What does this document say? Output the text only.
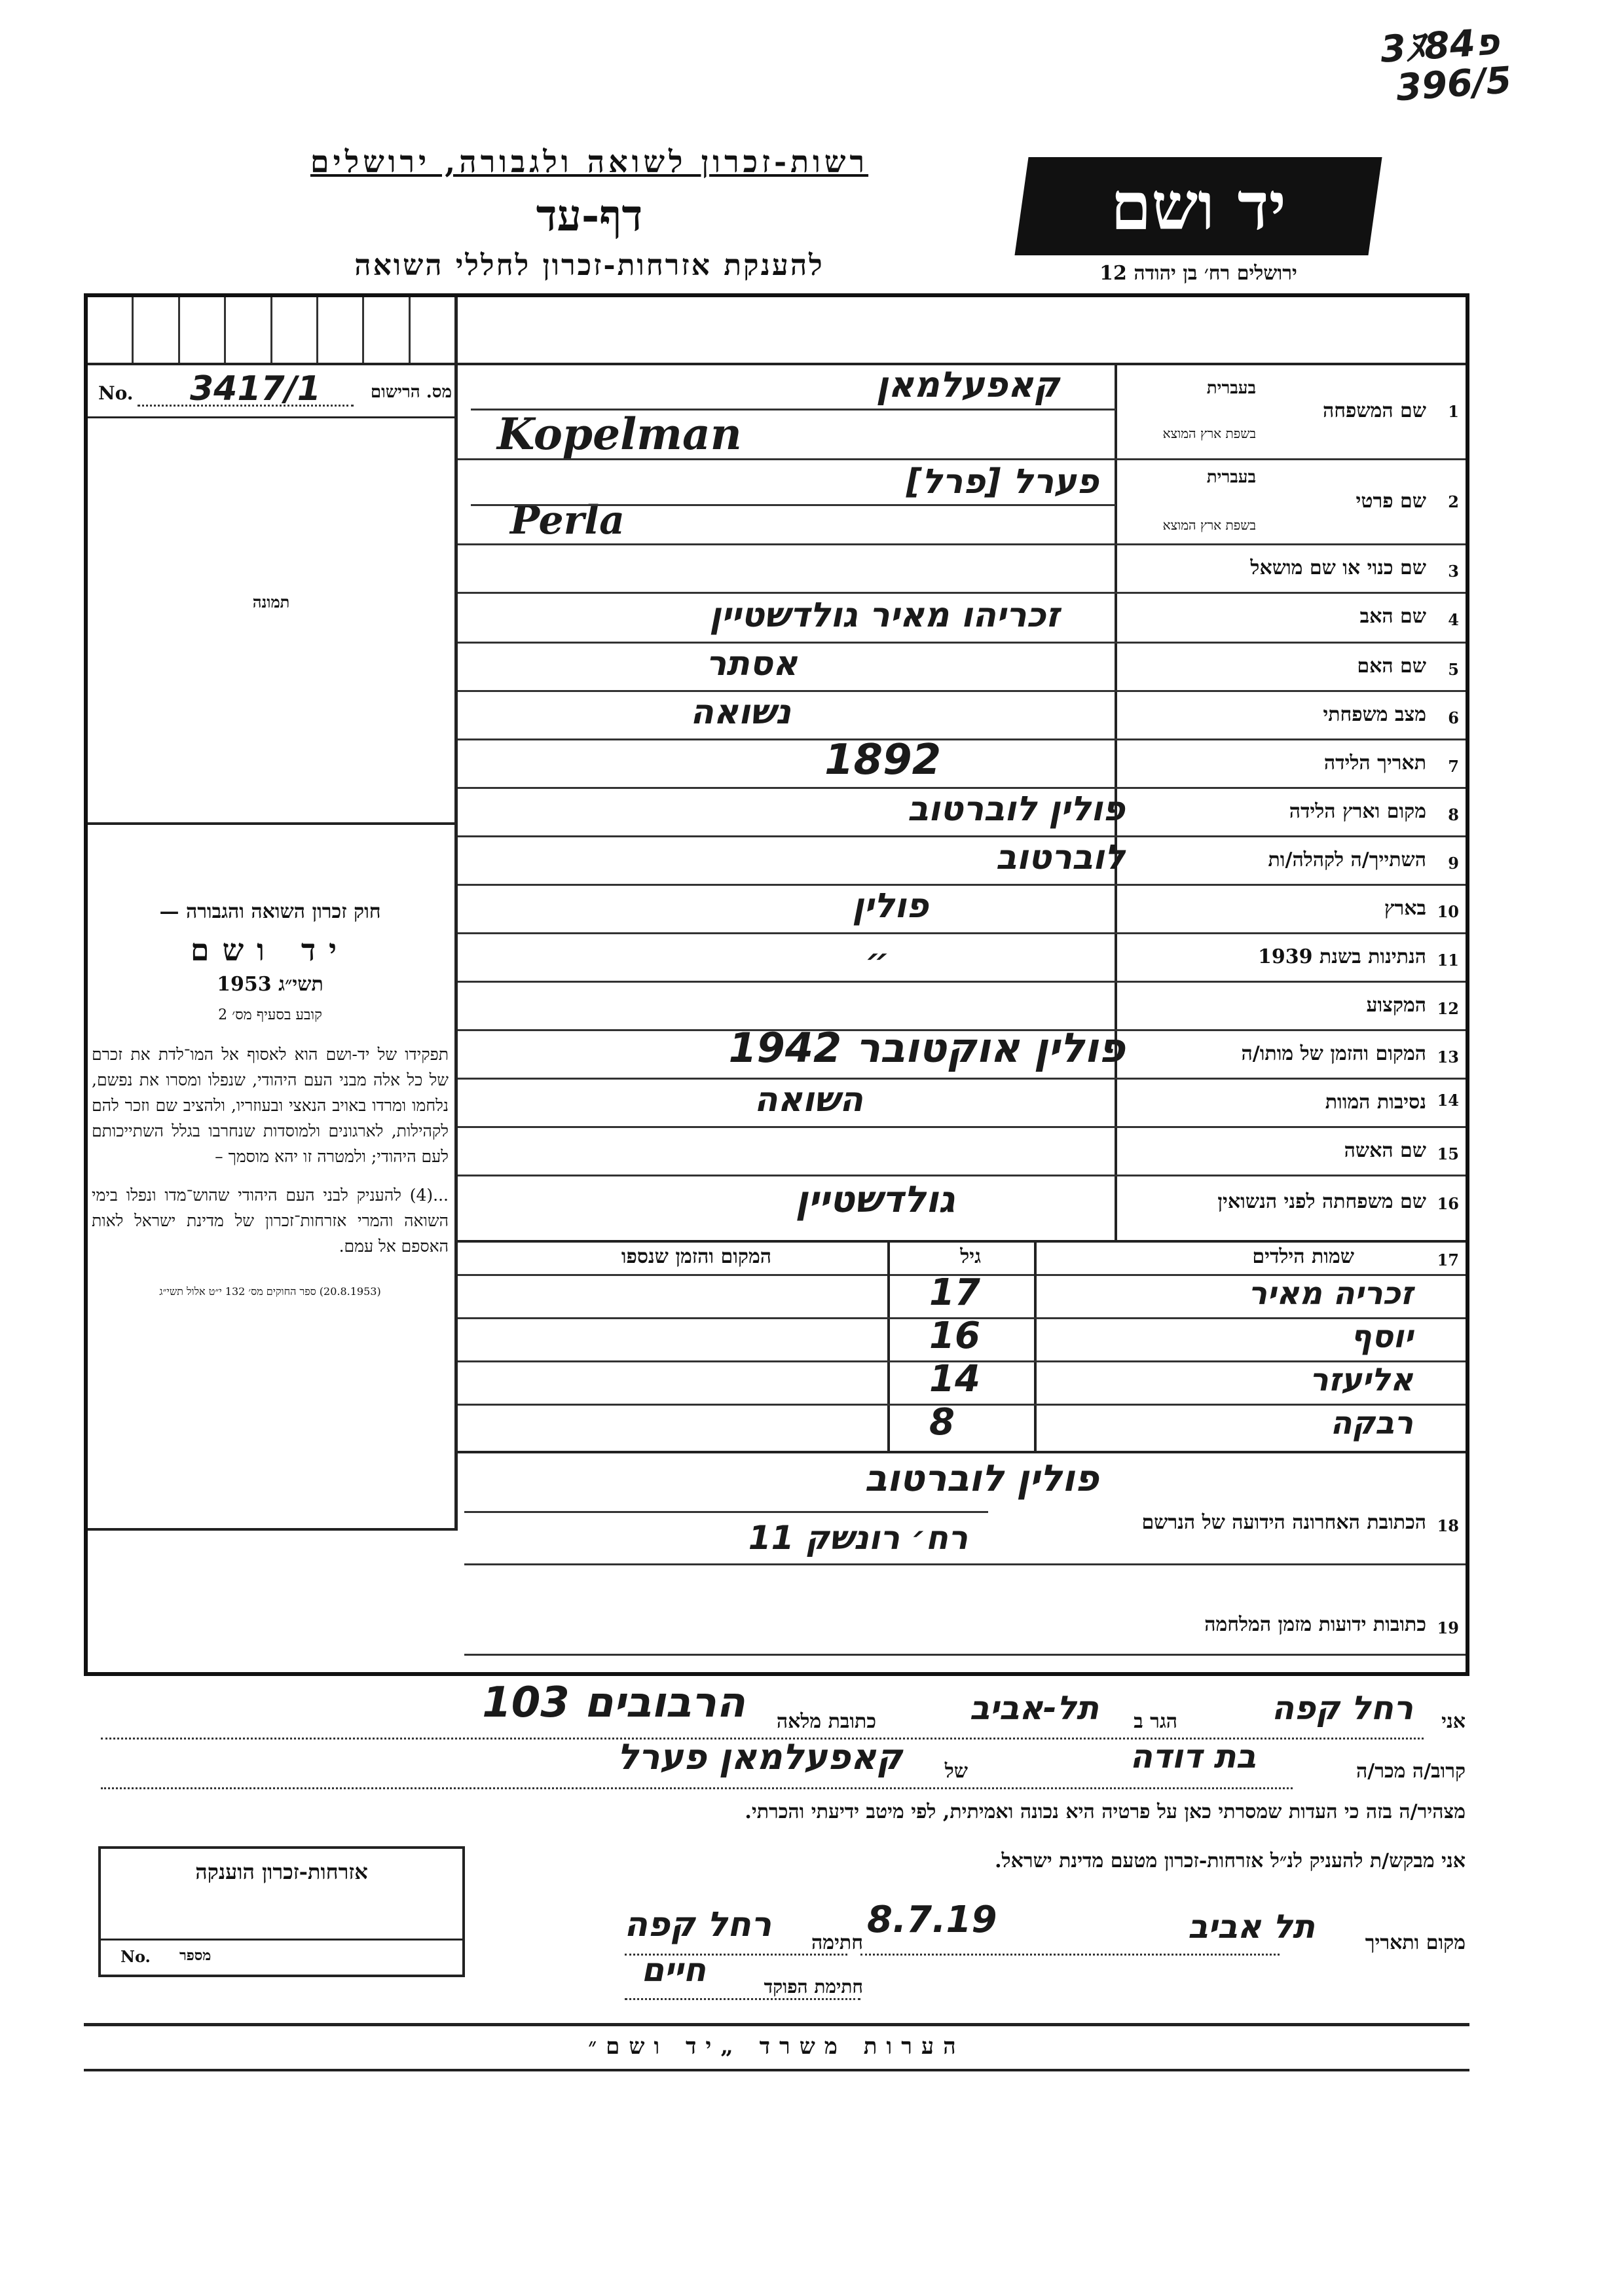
3ﾇפ84
396/5
רשות-זכרון לשואה ולגבורה, ירושלים
דף-עד
להענקת אזרחות-זכרון לחללי השואה
יד ושם
ירושלים רח׳ בן יהודה 12
No. 3417/1	מס. הרישום
תמונה
חוק זכרון השואה והגבורה —
יד ושם
תשי״ג 1953
קובע בסעיף מס׳ 2
תפקידו של יד-ושם הוא לאסוף אל המו־לדת את זכרם של כל אלה מבני העם היהודי, שנפלו ומסרו את נפשם, נלחמו ומרדו באויב הנאצי ובעוזריו, ולהציב שם וזכר להם לקהילות, לארגונים ולמוסדות שנחרבו בגלל השתייכותם לעם היהודי; ולמטרה זו יהא מוסמך –
...(4) להעניק לבני העם היהודי שהוש־מדו ונפלו בימי השואה והמרי אזרחות־זכרון של מדינת ישראל לאות האספם אל עמם.
(20.8.1953) ספר החוקים מס׳ 132 י״ט אלול תשי״ג
1
שם המשפחה
בעברית
בשפת ארץ המוצא
קאפעלמאן
Kopelman
2
שם פרטי
בעברית
בשפת ארץ המוצא
פערל [פרל]
Perla
3
שם כנוי או שם מושאל
4
שם האב
זכריהו מאיר גולדשטיין
5
שם האם
אסתר
6
מצב משפחתי
נשואה
7
תאריך הלידה
1892
8
מקום וארץ הלידה
פולין לוברטוב
9
השתייך/ה לקהלה/ות
לוברטוב
10
בארץ
פולין
11
הנתינות בשנת 1939
״
12
המקצוע
13
המקום והזמן של מותו/ה
פולין אוקטובר 1942
14
נסיבות המוות
השואה
15
שם האשה
16
שם משפחתה לפני הנשואין
גולדשטיין
17
שמות הילדים
גיל
המקום והזמן שנספו
זכריה מאיר
17
יוסף
16
אליעזר
14
רבקה
8
18
הכתובת האחרונה הידועה של הנרשם
פולין לוברטוב
רח׳ רונשק 11
19
כתובות ידועות מזמן המלחמה
אני
רחל קפה
הגר ב
תל-אביב
כתובת מלאה
הרבובים 103
קרוב/ה מכר/ה
בת דודה
של
קאפעלמאן פערל
מצהיר/ה בזה כי העדות שמסרתי כאן על פרטיה היא נכונה ואמיתית, לפי מיטב ידיעתי והכרתי.
אני מבקש/ת להעניק לנ״ל אזרחות-זכרון מטעם מדינת ישראל.
מקום ותאריך
תל אביב
8.7.19
חתימה
רחל קפה
חתימת הפוקד
חיים
אזרחות-זכרון הוענקה
No. מספר
הערות משרד „יד ושם״
